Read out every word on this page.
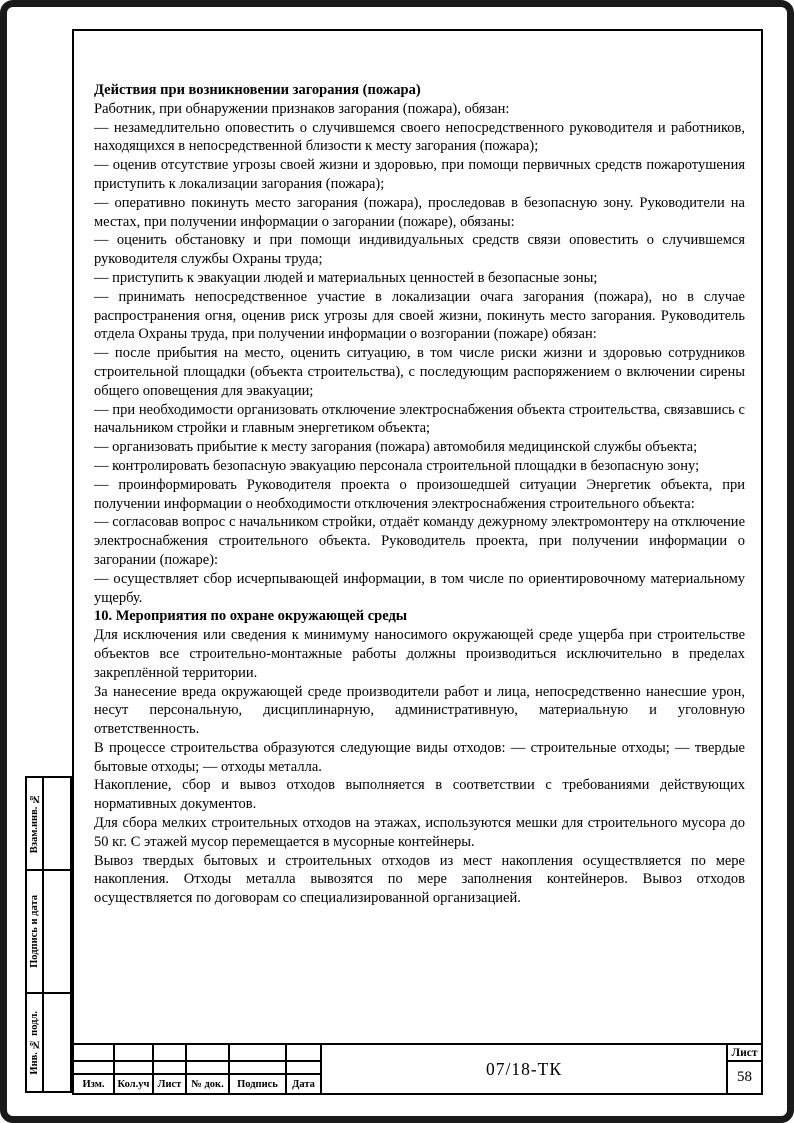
Взам.инв. №
Подпись и дата
Инв. № подл.

Действия при возникновении загорания (пожара)

Работник, при обнаружении признаков загорания (пожара), обязан:

— незамедлительно оповестить о случившемся своего непосредственного руководителя и работников, находящихся в непосредственной близости к месту загорания (пожара);

— оценив отсутствие угрозы своей жизни и здоровью, при помощи первичных средств пожаротушения приступить к локализации загорания (пожара);

— оперативно покинуть место загорания (пожара), проследовав в безопасную зону. Руководители на местах, при получении информации о загорании (пожаре), обязаны:

— оценить обстановку и при помощи индивидуальных средств связи оповестить о случившемся руководителя службы Охраны труда;

— приступить к эвакуации людей и материальных ценностей в безопасные зоны;

— принимать непосредственное участие в локализации очага загорания (пожара), но в случае распространения огня, оценив риск угрозы для своей жизни, покинуть место загорания. Руководитель отдела Охраны труда, при получении информации о возгорании (пожаре) обязан:

— после прибытия на место, оценить ситуацию, в том числе риски жизни и здоровью сотрудников строительной площадки (объекта строительства), с последующим распоряжением о включении сирены общего оповещения для эвакуации;

— при необходимости организовать отключение электроснабжения объекта строительства, связавшись с начальником стройки и главным энергетиком объекта;

— организовать прибытие к месту загорания (пожара) автомобиля медицинской службы объекта;

— контролировать безопасную эвакуацию персонала строительной площадки в безопасную зону;

— проинформировать Руководителя проекта о произошедшей ситуации Энергетик объекта, при получении информации о необходимости отключения электроснабжения строительного объекта:

— согласовав вопрос с начальником стройки, отдаёт команду дежурному электромонтеру на отключение электроснабжения строительного объекта. Руководитель проекта, при получении информации о загорании (пожаре):

— осуществляет сбор исчерпывающей информации, в том числе по ориентировочному материальному ущербу.

10. Мероприятия по охране окружающей среды

Для исключения или сведения к минимуму наносимого окружающей среде ущерба при строительстве объектов все строительно-монтажные работы должны производиться исключительно в пределах закреплённой территории.

За нанесение вреда окружающей среде производители работ и лица, непосредственно нанесшие урон, несут персональную, дисциплинарную, административную, материальную и уголовную ответственность.

В процессе строительства образуются следующие виды отходов: — строительные отходы; — твердые бытовые отходы; — отходы металла.

Накопление, сбор и вывоз отходов выполняется в соответствии с требованиями действующих нормативных документов.

Для сбора мелких строительных отходов на этажах, используются мешки для строительного мусора до 50 кг. С этажей мусор перемещается в мусорные контейнеры.

Вывоз твердых бытовых и строительных отходов из мест накопления осуществляется по мере накопления. Отходы металла вывозятся по мере заполнения контейнеров. Вывоз отходов осуществляется по договорам со специализированной организацией.

Изм.	Кол.уч Лист № док.	Подпись	Дата
07/18-ТК
Лист
58
